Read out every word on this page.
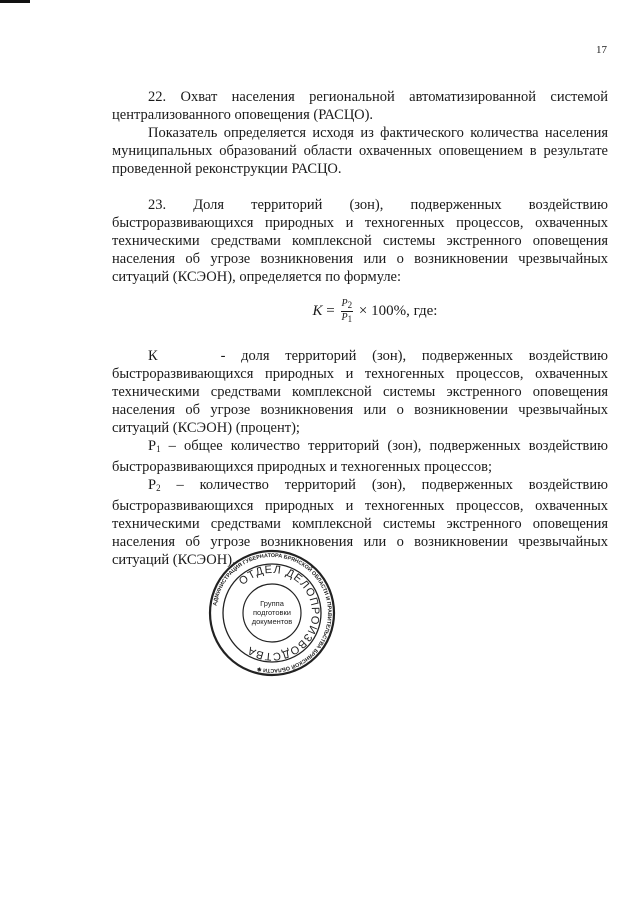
17

22. Охват населения региональной автоматизированной системой централизованного оповещения (РАСЦО).

Показатель определяется исходя из фактического количества населения муниципальных образований области охваченных оповещением в результате проведенной реконструкции РАСЦО.

23. Доля территорий (зон), подверженных воздействию быстроразвивающихся природных и техногенных процессов, охваченных техническими средствами комплексной системы экстренного оповещения населения об угрозе возникновения или о возникновении чрезвычайных ситуаций (КСЭОН), определяется по формуле:

$K = \frac{P_2}{P_1} \times 100\%$, где:

К	- доля территорий (зон), подверженных воздействию быстроразвивающихся природных и техногенных процессов, охваченных техническими средствами комплексной системы экстренного оповещения населения об угрозе возникновения или о возникновении чрезвычайных ситуаций (КСЭОН) (процент);

$Р_1$ – общее количество территорий (зон), подверженных воздействию быстроразвивающихся природных и техногенных процессов;

$Р_2$ – количество территорий (зон), подверженных воздействию быстроразвивающихся природных и техногенных процессов, охваченных техническими средствами комплексной системы экстренного оповещения населения об угрозе возникновения или о возникновении чрезвычайных ситуаций (КСЭОН).

АДМИНИСТРАЦИЯ ГУБЕРНАТОРА БРЯНСКОЙ ОБЛАСТИ И ПРАВИТЕЛЬСТВА БРЯНСКОЙ ОБЛАСТИ ✱
ОТДЕЛ ДЕЛОПРОИЗВОДСТВА
Группа
подготовки
документов
